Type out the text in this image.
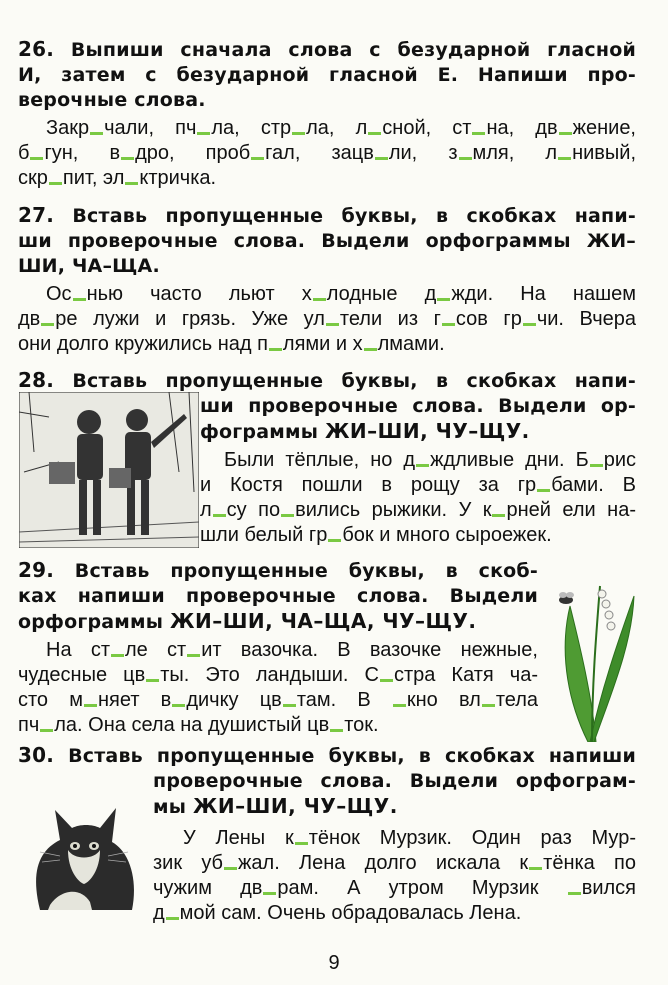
26. Выпиши сначала слова с безударной гласной
И, затем с безударной гласной Е. Напиши про-
верочные слова.

Закр чали, пч ла, стр ла, л сной, ст на, дв жение,
б гун, в дро, проб гал, зацв ли, з мля, л нивый,
скр пит, эл ктричка.

27. Вставь пропущенные буквы, в скобках напи-
ши проверочные слова. Выдели орфограммы ЖИ–
ШИ, ЧА–ЩА.

Ос нью часто льют х лодные д жди. На нашем
дв ре лужи и грязь. Уже ул тели из г сов гр чи. Вчера
они долго кружились над п лями и х лмами.

28. Вставь пропущенные буквы, в скобках напи-
ши проверочные слова. Выдели ор-
фограммы ЖИ–ШИ, ЧУ–ЩУ.

Были тёплые, но д ждливые дни. Б рис
и Костя пошли в рощу за гр бами. В
л су по вились рыжики. У к рней ели на-
шли белый гр бок и много сыроежек.

29. Вставь пропущенные буквы, в скоб-
ках напиши проверочные слова. Выдели
орфограммы ЖИ–ШИ, ЧА–ЩА, ЧУ–ЩУ.

На ст ле ст ит вазочка. В вазочке нежные,
чудесные цв ты. Это ландыши. С стра Катя ча-
сто м няет в дичку цв там. В кно вл тела
пч ла. Она села на душистый цв ток.

30. Вставь пропущенные буквы, в скобках напиши
проверочные слова. Выдели орфограм-
мы ЖИ–ШИ, ЧУ–ЩУ.

У Лены к тёнок Мурзик. Один раз Мур-
зик уб жал. Лена долго искала к тёнка по
чужим дв рам. А утром Мурзик вился
д мой сам. Очень обрадовалась Лена.

9
